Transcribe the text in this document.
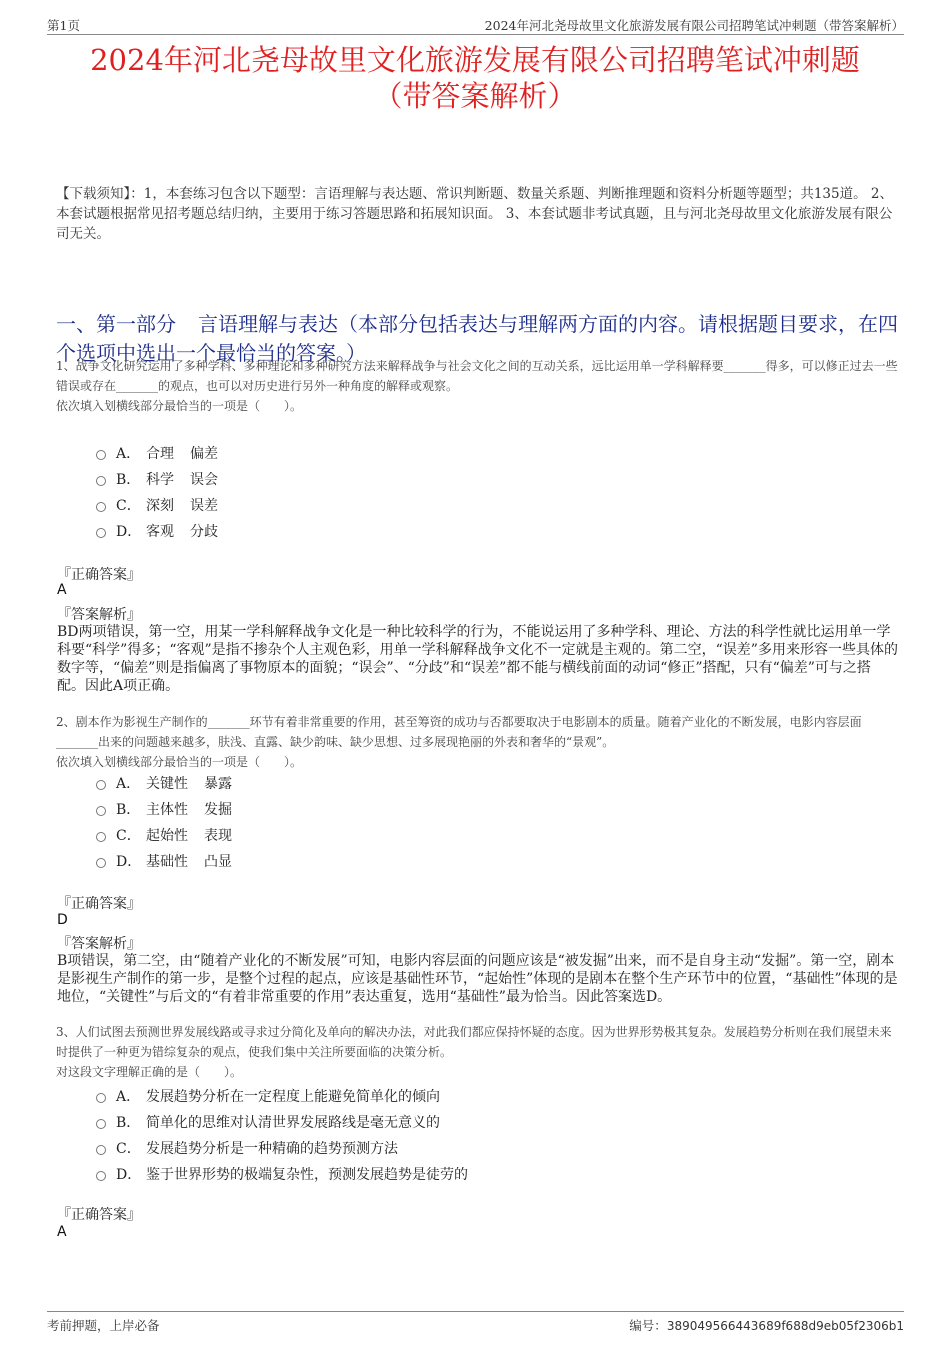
第1页	2024年河北尧母故里文化旅游发展有限公司招聘笔试冲刺题（带答案解析）
2024年河北尧母故里文化旅游发展有限公司招聘笔试冲刺题
（带答案解析）
【下载须知】：1，本套练习包含以下题型：言语理解与表达题、常识判断题、数量关系题、判断推理题和资料分析题等题型；共135道。 2、本套试题根据常见招考题总结归纳，主要用于练习答题思路和拓展知识面。 3、本套试题非考试真题，且与河北尧母故里文化旅游发展有限公司无关。
一、第一部分 言语理解与表达（本部分包括表达与理解两方面的内容。请根据题目要求，在四个选项中选出一个最恰当的答案。）
1、战争文化研究运用了多种学科、多种理论和多种研究方法来解释战争与社会文化之间的互动关系，远比运用单一学科解释要_______得多，可以修正过去一些错误或存在_______的观点，也可以对历史进行另外一种角度的解释或观察。
依次填入划横线部分最恰当的一项是（　　）。
A． 合理 偏差
B． 科学 误会
C． 深刻 误差
D． 客观 分歧
『正确答案』
A
『答案解析』
BD两项错误，第一空，用某一学科解释战争文化是一种比较科学的行为，不能说运用了多种学科、理论、方法的科学性就比运用单一学科要“科学”得多；“客观”是指不掺杂个人主观色彩，用单一学科解释战争文化不一定就是主观的。第二空，“误差”多用来形容一些具体的数字等，“偏差”则是指偏离了事物原本的面貌；“误会”、“分歧”和“误差”都不能与横线前面的动词“修正”搭配，只有“偏差”可与之搭配。因此A项正确。
2、剧本作为影视生产制作的_______环节有着非常重要的作用，甚至筹资的成功与否都要取决于电影剧本的质量。随着产业化的不断发展，电影内容层面_______出来的问题越来越多，肤浅、直露、缺少韵味、缺少思想、过多展现艳丽的外表和奢华的“景观”。
依次填入划横线部分最恰当的一项是（　　）。
A． 关键性 暴露
B． 主体性 发掘
C． 起始性 表现
D． 基础性 凸显
『正确答案』
D
『答案解析』
B项错误，第二空，由“随着产业化的不断发展”可知，电影内容层面的问题应该是“被发掘”出来，而不是自身主动“发掘”。第一空，剧本是影视生产制作的第一步，是整个过程的起点，应该是基础性环节，“起始性”体现的是剧本在整个生产环节中的位置，“基础性”体现的是地位，“关键性”与后文的“有着非常重要的作用”表达重复，选用“基础性”最为恰当。因此答案选D。
3、人们试图去预测世界发展线路或寻求过分简化及单向的解决办法，对此我们都应保持怀疑的态度。因为世界形势极其复杂。发展趋势分析则在我们展望未来时提供了一种更为错综复杂的观点，使我们集中关注所要面临的决策分析。
对这段文字理解正确的是（　　）。
A． 发展趋势分析在一定程度上能避免简单化的倾向
B． 简单化的思维对认清世界发展路线是毫无意义的
C． 发展趋势分析是一种精确的趋势预测方法
D． 鉴于世界形势的极端复杂性，预测发展趋势是徒劳的
『正确答案』
A
考前押题，上岸必备	编号：389049566443689f688d9eb05f2306b1
